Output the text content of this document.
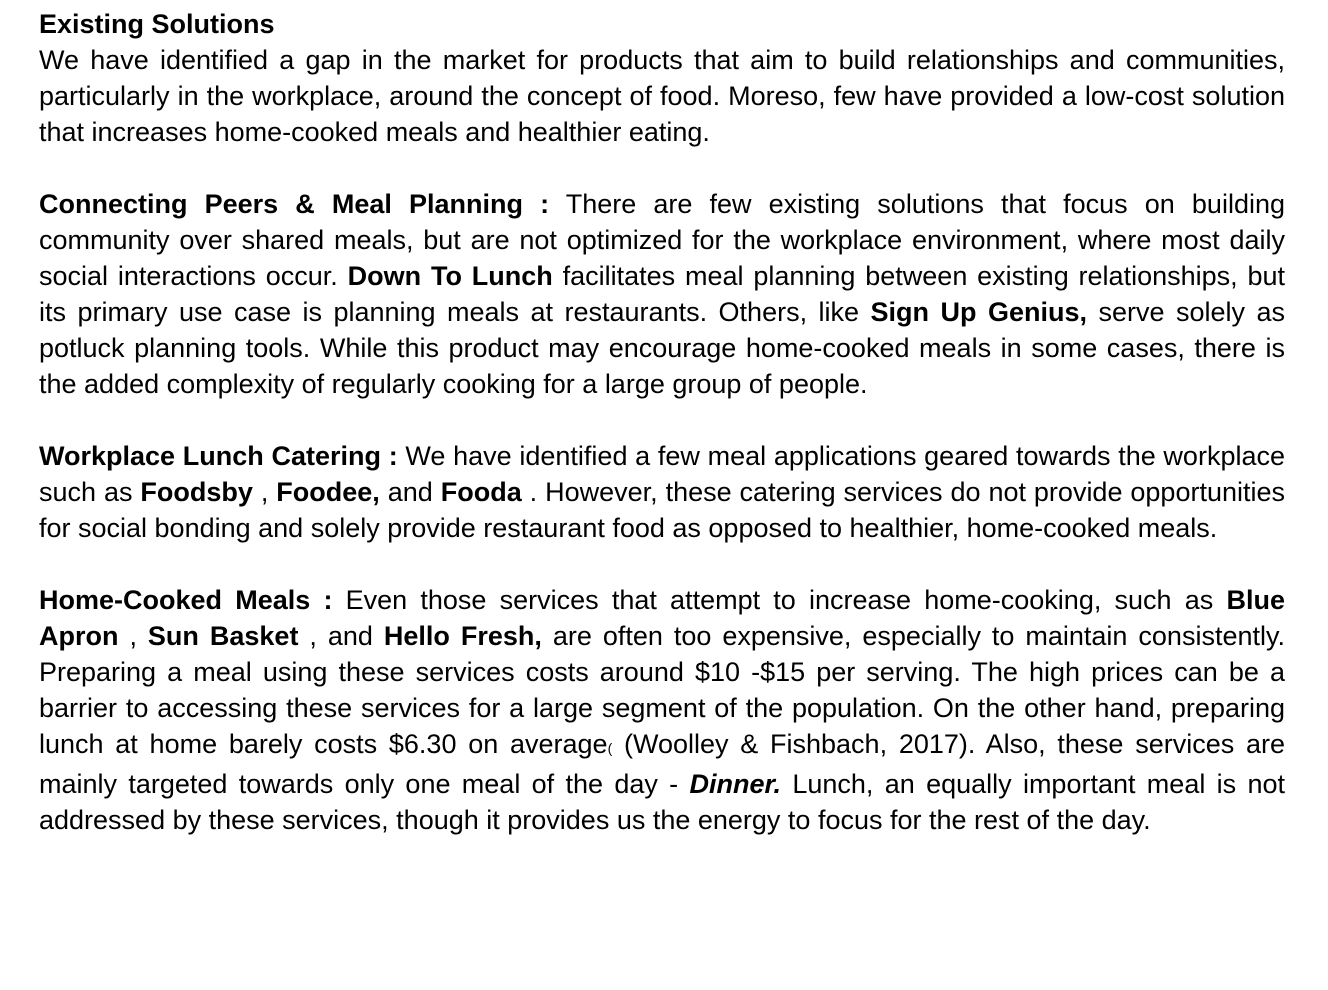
Existing Solutions

We have identified a gap in the market for products that aim to build relationships and communities, particularly in the workplace, around the concept of food. Moreso, few have provided a low-cost solution that increases home-cooked meals and healthier eating.

Connecting Peers & Meal Planning : There are few existing solutions that focus on building community over shared meals, but are not optimized for the workplace environment, where most daily social interactions occur. Down To Lunch facilitates meal planning between existing relationships, but its primary use case is planning meals at restaurants. Others, like Sign Up Genius, serve solely as potluck planning tools. While this product may encourage home-cooked meals in some cases, there is the added complexity of regularly cooking for a large group of people.

Workplace Lunch Catering : We have identified a few meal applications geared towards the workplace such as Foodsby , Foodee, and Fooda . However, these catering services do not provide opportunities for social bonding and solely provide restaurant food as opposed to healthier, home-cooked meals.

Home-Cooked Meals : Even those services that attempt to increase home-cooking, such as Blue Apron , Sun Basket , and Hello Fresh, are often too expensive, especially to maintain consistently. Preparing a meal using these services costs around $10 -$15 per serving. The high prices can be a barrier to accessing these services for a large segment of the population. On the other hand, preparing lunch at home barely costs $6.30 on average( (Woolley & Fishbach, 2017). Also, these services are mainly targeted towards only one meal of the day - Dinner. Lunch, an equally important meal is not addressed by these services, though it provides us the energy to focus for the rest of the day.
